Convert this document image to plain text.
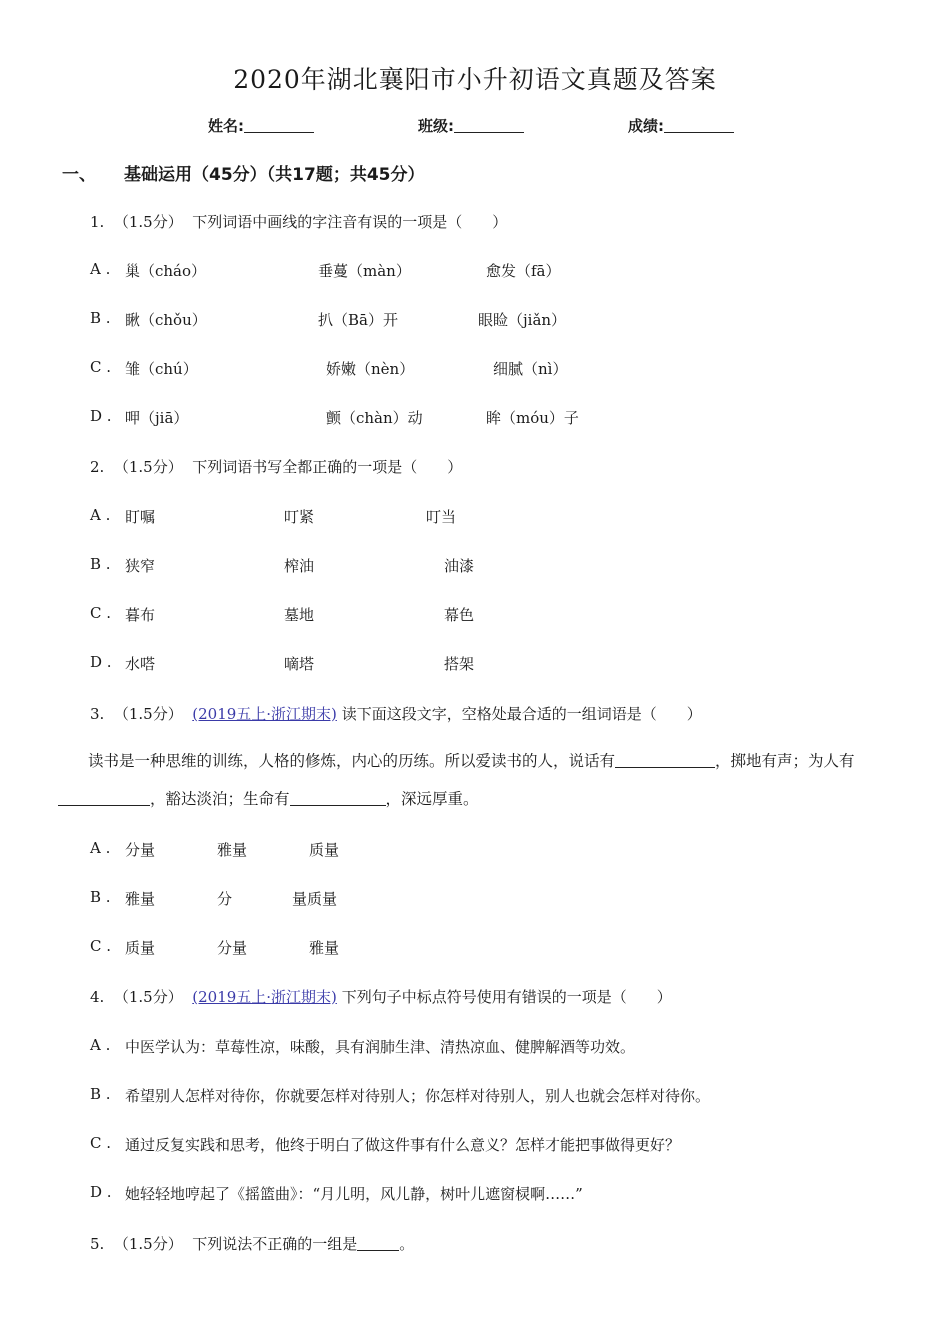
2020年湖北襄阳市小升初语文真题及答案
姓名:	班级:	成绩:
一、 基础运用（45分）（共17题；共45分）
1. （1.5分） 下列词语中画线的字注音有误的一项是（　　）
A . 巢（cháo）	垂蔓（màn）	愈发（fā）
B . 瞅（chǒu）	扒（Bā）开	眼睑（jiǎn）
C . 雏（chú）	娇嫩（nèn）	细腻（nì）
D . 呷（jiā）	颤（chàn）动	眸（móu）子
2. （1.5分） 下列词语书写全都正确的一项是（　　）
A . 盯嘱	叮紧	叮当
B . 狭窄	榨油	油漆
C . 暮布	墓地	幕色
D . 水嗒	嘀塔	搭架
3. （1.5分） (2019五上·浙江期末) 读下面这段文字，空格处最合适的一组词语是（　　）
读书是一种思维的训练，人格的修炼，内心的历练。所以爱读书的人，说话有	，掷地有声；为人有，豁达淡泊；生命有	，深远厚重。
A . 分量	雅量	质量
B . 雅量	分	量质量
C . 质量	分量	雅量
4. （1.5分） (2019五上·浙江期末) 下列句子中标点符号使用有错误的一项是（　　）
A . 中医学认为：草莓性凉，味酸，具有润肺生津、清热凉血、健脾解酒等功效。
B . 希望别人怎样对待你，你就要怎样对待别人；你怎样对待别人，别人也就会怎样对待你。
C . 通过反复实践和思考，他终于明白了做这件事有什么意义？怎样才能把事做得更好？
D . 她轻轻地哼起了《摇篮曲》：“月儿明，风儿静，树叶儿遮窗棂啊……”
5. （1.5分） 下列说法不正确的一组是	。
